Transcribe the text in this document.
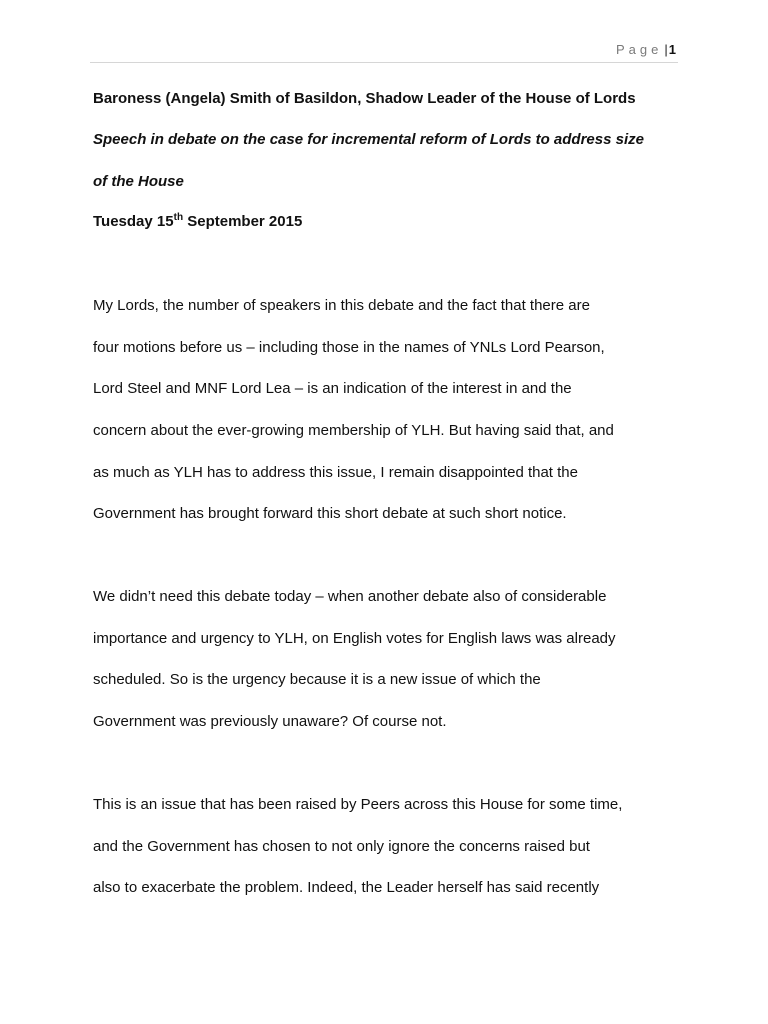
Page |1
Baroness (Angela) Smith of Basildon, Shadow Leader of the House of Lords
Speech in debate on the case for incremental reform of Lords to address size
of the House
Tuesday 15th September 2015
My Lords, the number of speakers in this debate and the fact that there are
four motions before us – including those in the names of YNLs Lord Pearson,
Lord Steel and MNF Lord Lea – is an indication of the interest in and the
concern about the ever-growing membership of YLH. But having said that, and
as much as YLH has to address this issue, I remain disappointed that the
Government has brought forward this short debate at such short notice.
We didn’t need this debate today – when another debate also of considerable
importance and urgency to YLH, on English votes for English laws was already
scheduled. So is the urgency because it is a new issue of which the
Government was previously unaware? Of course not.
This is an issue that has been raised by Peers across this House for some time,
and the Government has chosen to not only ignore the concerns raised but
also to exacerbate the problem. Indeed, the Leader herself has said recently
